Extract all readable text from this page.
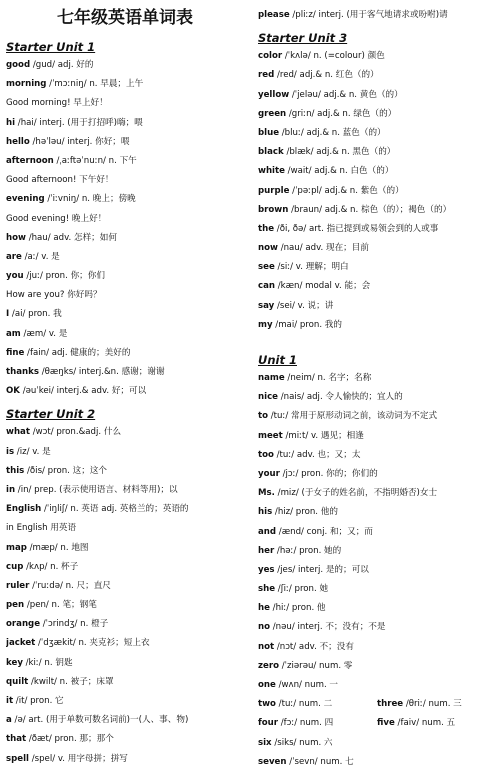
七年级英语单词表
Starter Unit 1
good /gud/ adj. 好的
morning /ˈmɔːniŋ/ n. 早晨；上午
Good morning! 早上好！
hi /hai/ interj. (用于打招呼)嗨；喂
hello /həˈləu/ interj. 你好；喂
afternoon /ˌaːftəˈnuːn/ n. 下午
Good afternoon! 下午好！
evening /ˈiːvniŋ/ n. 晚上；傍晚
Good evening! 晚上好！
how /hau/ adv. 怎样；如何
are /aː/ v. 是
you /juː/ pron. 你；你们
How are you? 你好吗？
I /ai/ pron. 我
am /æm/ v. 是
fine /fain/ adj. 健康的；美好的
thanks /θæŋks/ interj.&n. 感谢；谢谢
OK /əuˈkei/ interj.& adv. 好；可以
Starter Unit 2
what /wɔt/ pron.&adj. 什么
is /iz/ v. 是
this /ðis/ pron. 这；这个
in /in/ prep. (表示使用语言、材料等用)；以
English /ˈiŋliʃ/ n. 英语 adj. 英格兰的；英语的
in English 用英语
map /mæp/ n. 地图
cup /kʌp/ n. 杯子
ruler /ˈruːdə/ n. 尺；直尺
pen /pen/ n. 笔；钢笔
orange /ˈɔrindʒ/ n. 橙子
jacket /ˈdʒækit/ n. 夹克衫；短上衣
key /kiː/ n. 钥匙
quilt /kwilt/ n. 被子；床罩
it /it/ pron. 它
a /ə/ art. (用于单数可数名词前)一(人、事、物)
that /ðæt/ pron. 那；那个
spell /spel/ v. 用字母拼；拼写
please /pliːz/ interj. (用于客气地请求或吩咐)请
Starter Unit 3
color /ˈkʌlə/ n. (=colour) 颜色
red /red/ adj.& n. 红色（的）
yellow /ˈjeləu/ adj.& n. 黄色（的）
green /griːn/ adj.& n. 绿色（的）
blue /bluː/ adj.& n. 蓝色（的）
black /blæk/ adj.& n. 黑色（的）
white /wait/ adj.& n. 白色（的）
purple /ˈpəːpl/ adj.& n. 紫色（的）
brown /braun/ adj.& n. 棕色（的）；褐色（的）
the /ði, ðə/ art. 指已提到或易领会到的人或事
now /nau/ adv. 现在；目前
see /siː/ v. 理解；明白
can /kæn/ modal v. 能；会
say /sei/ v. 说；讲
my /mai/ pron. 我的
Unit 1
name /neim/ n. 名字；名称
nice /nais/ adj. 令人愉快的；宜人的
to /tuː/ 常用于原形动词之前，该动词为不定式
meet /miːt/ v. 遇见；相逢
too /tuː/ adv. 也；又；太
your /jɔː/ pron. 你的；你们的
Ms. /miz/ (于女子的姓名前，不指明婚否)女士
his /hiz/ pron. 他的
and /ænd/ conj. 和；又；而
her /həː/ pron. 她的
yes /jes/ interj. 是的；可以
she /ʃiː/ pron. 她
he /hiː/ pron. 他
no /nəu/ interj. 不；没有；不是
not /nɔt/ adv. 不；没有
zero /ˈziərəu/ num. 零
one /wʌn/ num. 一
two /tuː/ num. 二	three /θriː/ num. 三
four /fɔː/ num. 四	five /faiv/ num. 五
six /siks/ num. 六
seven /ˈsevn/ num. 七
